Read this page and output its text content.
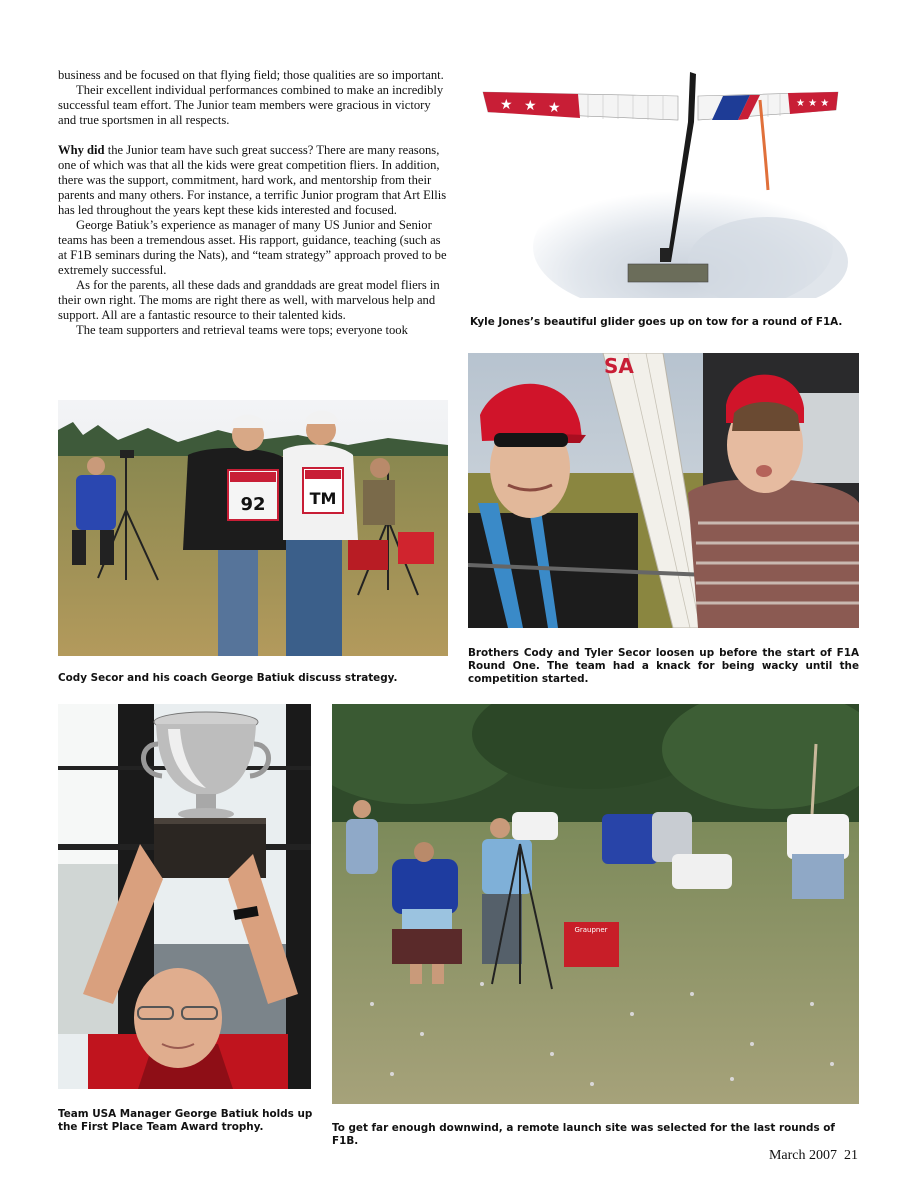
business and be focused on that flying field; those qualities are so important.

Their excellent individual performances combined to make an incredibly successful team effort. The Junior team members were gracious in victory and true sportsmen in all respects.

Why did the Junior team have such great success? There are many reasons, one of which was that all the kids were great competition fliers. In addition, there was the support, commitment, hard work, and mentorship from their parents and many others. For instance, a terrific Junior program that Art Ellis has led throughout the years kept these kids interested and focused.

George Batiuk’s experience as manager of many US Junior and Senior teams has been a tremendous asset. His rapport, guidance, teaching (such as at F1B seminars during the Nats), and “team strategy” approach proved to be extremely successful.

As for the parents, all these dads and granddads are great model fliers in their own right. The moms are right there as well, with marvelous help and support. All are a fantastic resource to their talented kids.

The team supporters and retrieval teams were tops; everyone took

★ ★ ★	★ ★ ★
Kyle Jones’s beautiful glider goes up on tow for a round of F1A.
SA
Brothers Cody and Tyler Secor loosen up before the start of F1A Round One. The team had a knack for being wacky until the competition started.
92	TM
Cody Secor and his coach George Batiuk discuss strategy.
Team USA Manager George Batiuk holds up the First Place Team Award trophy.
Graupner
To get far enough downwind, a remote launch site was selected for the last rounds of F1B.
March 2007  21
